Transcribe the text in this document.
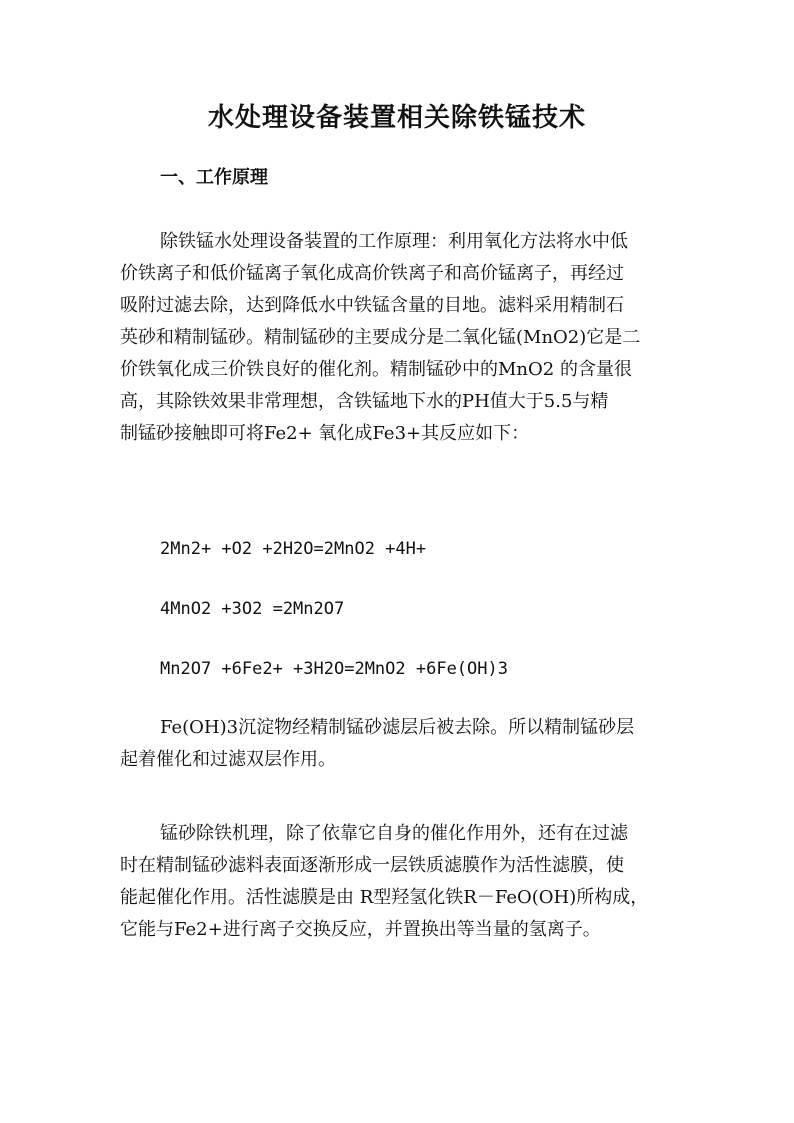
水处理设备装置相关除铁锰技术
一、工作原理
除铁锰水处理设备装置的工作原理：利用氧化方法将水中低
价铁离子和低价锰离子氧化成高价铁离子和高价锰离子，再经过
吸附过滤去除，达到降低水中铁锰含量的目地。滤料采用精制石
英砂和精制锰砂。精制锰砂的主要成分是二氧化锰(MnO2)它是二
价铁氧化成三价铁良好的催化剂。精制锰砂中的MnO2 的含量很
高，其除铁效果非常理想，含铁锰地下水的PH值大于5.5与精
制锰砂接触即可将Fe2+ 氧化成Fe3+其反应如下：

2Mn2+ +O2 +2H2O=2MnO2 +4H+

4MnO2 +3O2 =2Mn2O7

Mn2O7 +6Fe2+ +3H2O=2MnO2 +6Fe(OH)3

Fe(OH)3沉淀物经精制锰砂滤层后被去除。所以精制锰砂层
起着催化和过滤双层作用。
锰砂除铁机理，除了依靠它自身的催化作用外，还有在过滤
时在精制锰砂滤料表面逐渐形成一层铁质滤膜作为活性滤膜，使
能起催化作用。活性滤膜是由 R型羟氢化铁R－FeO(OH)所构成，
它能与Fe2+进行离子交换反应，并置换出等当量的氢离子。
